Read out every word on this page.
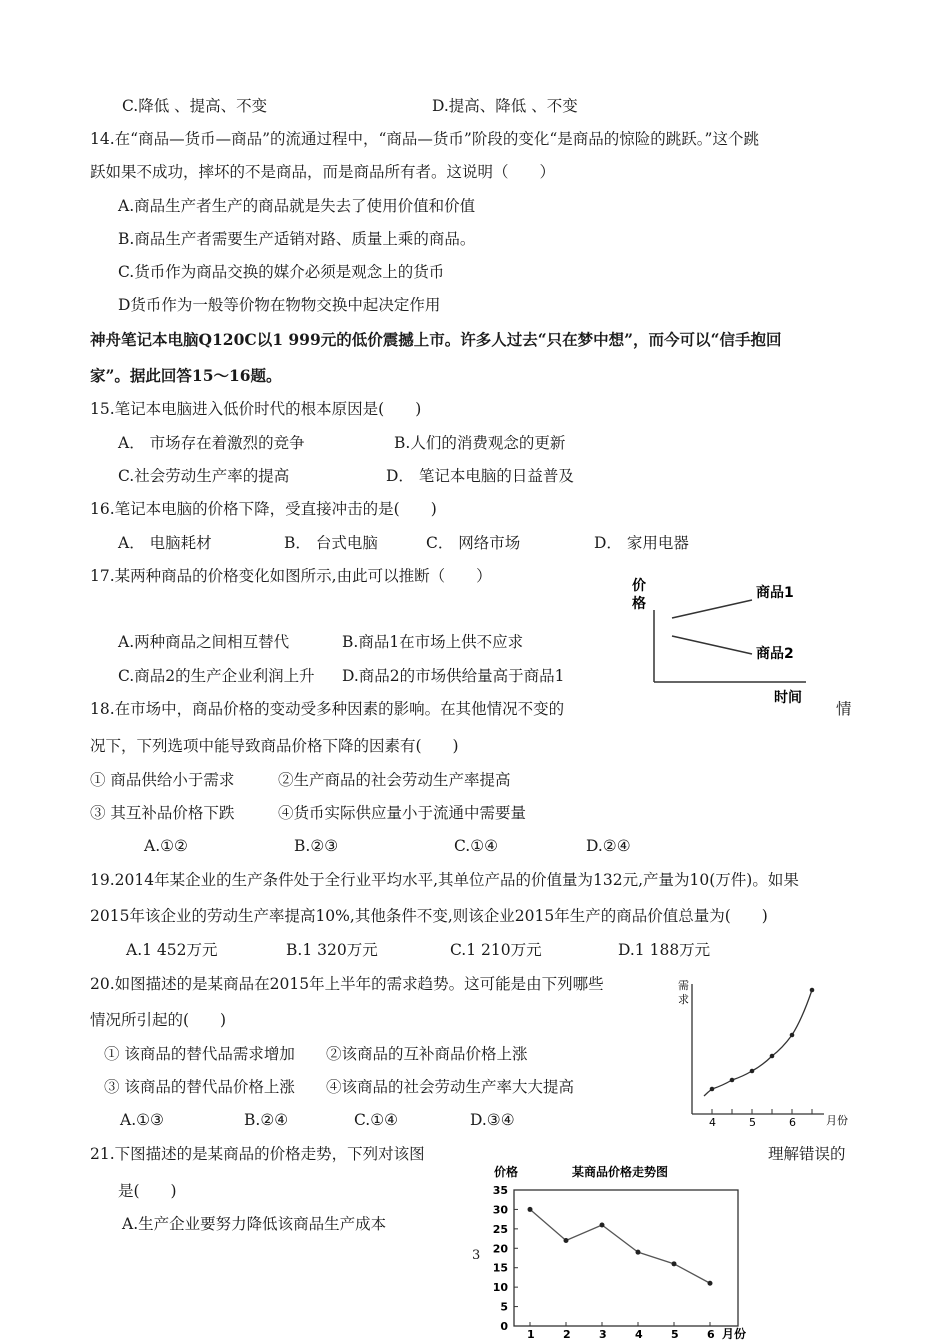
C.降低 、提高、不变	D.提高、降低 、不变
14.在“商品—货币—商品”的流通过程中，“商品—货币”阶段的变化“是商品的惊险的跳跃。”这个跳
跃如果不成功，摔坏的不是商品，而是商品所有者。这说明（　　）
A.商品生产者生产的商品就是失去了使用价值和价值
B.商品生产者需要生产适销对路、质量上乘的商品。
C.货币作为商品交换的媒介必须是观念上的货币
D货币作为一般等价物在物物交换中起决定作用
神舟笔记本电脑Q120C以1 999元的低价震撼上市。许多人过去“只在梦中想”，而今可以“信手抱回
家”。据此回答15～16题。
15.笔记本电脑进入低价时代的根本原因是(　　)
A． 市场存在着激烈的竞争	B.人们的消费观念的更新
C.社会劳动生产率的提高	D． 笔记本电脑的日益普及
16.笔记本电脑的价格下降，受直接冲击的是(　　)
A． 电脑耗材	B． 台式电脑	C． 网络市场	D． 家用电器
17.某两种商品的价格变化如图所示,由此可以推断（　　）
A.两种商品之间相互替代	B.商品1在市场上供不应求
C.商品2的生产企业利润上升 D.商品2的市场供给量高于商品1
18.在市场中，商品价格的变动受多种因素的影响。在其他情况不变的	情
况下，下列选项中能导致商品价格下降的因素有(　　)
① 商品供给小于需求	②生产商品的社会劳动生产率提高
③ 其互补品价格下跌	④货币实际供应量小于流通中需要量
A.①②	B.②③	C.①④	D.②④
19.2014年某企业的生产条件处于全行业平均水平,其单位产品的价值量为132元,产量为10(万件)。如果
2015年该企业的劳动生产率提高10%,其他条件不变,则该企业2015年生产的商品价值总量为(　　)
A.1 452万元	B.1 320万元	C.1 210万元	D.1 188万元
20.如图描述的是某商品在2015年上半年的需求趋势。这可能是由下列哪些
情况所引起的(　　)
① 该商品的替代品需求增加 ②该商品的互补商品价格上涨
③ 该商品的替代品价格上涨 ④该商品的社会劳动生产率大大提高
A.①③	B.②④	C.①④	D.③④
21.下图描述的是某商品的价格走势，下列对该图	理解错误的
是(　　)
A.生产企业要努力降低该商品生产成本
3
价格
商品1
商品2
时间
需求
4	5	6	月份
价格	某商品价格走势图
0
5
10
15
20
25
30
35
1	2	3	4	5	6 月份
